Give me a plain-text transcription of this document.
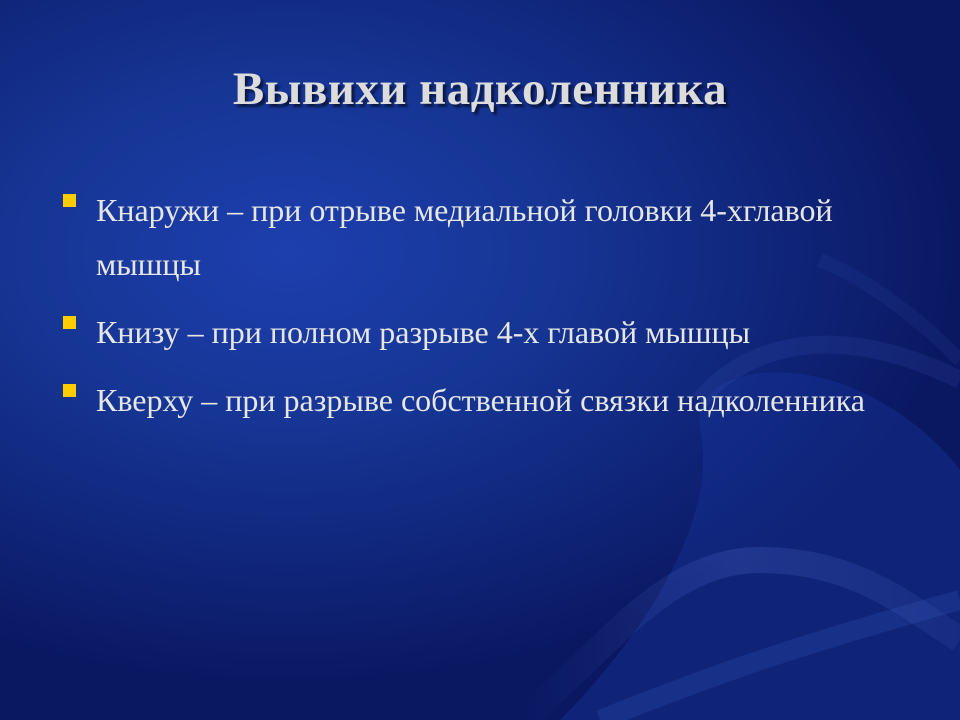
Вывихи надколенника
Кнаружи – при отрыве медиальной головки 4-хглавой мышцы
Книзу – при полном разрыве 4-х главой мышцы
Кверху – при разрыве собственной связки надколенника
